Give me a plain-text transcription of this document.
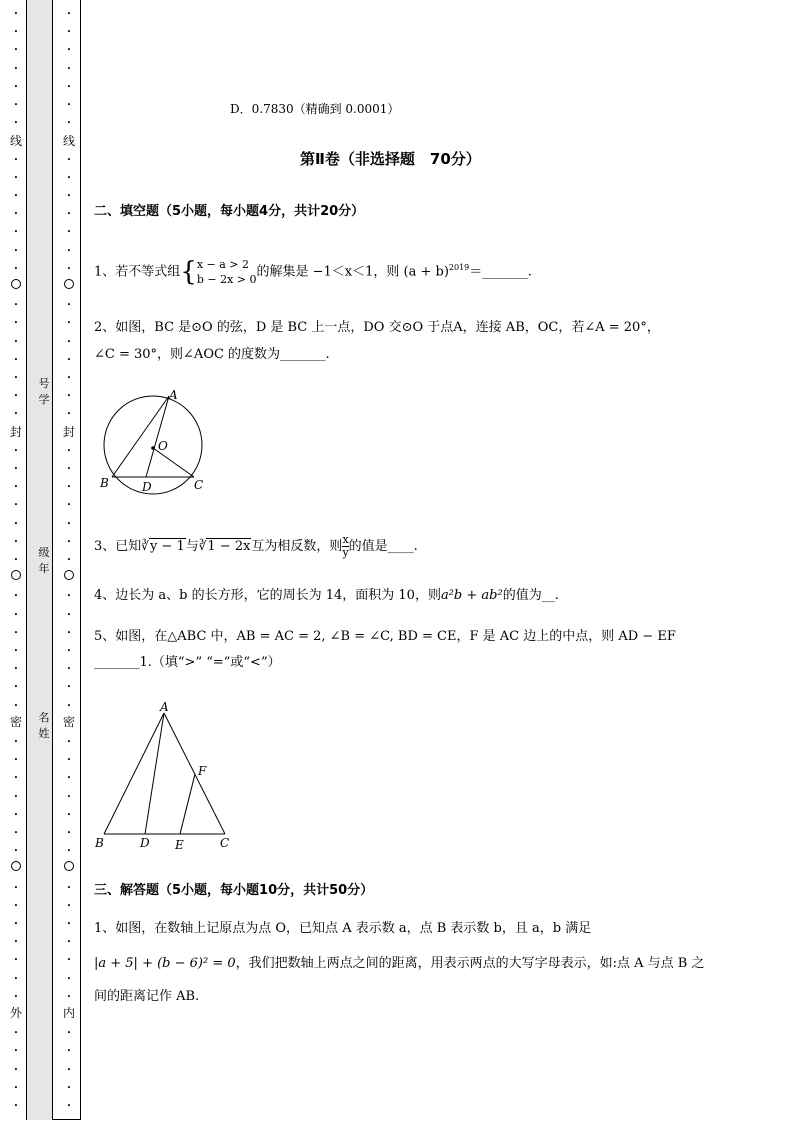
•
•
•
•
•
•
•
•
•
•
•
•
•
•
•
•
•
•
•
•
•
•
•
•
•
•
•
•
•
•
•
•
•
•
•
•
•
•
•
•
•
•
•
•
•
•
•
•
•
•
•
•
•
•
•
•
•
•
•
•
•
•
•
•
•
•
•
•
•
•
•
•
•
•
•
•
•
•
•
•
•
•
•
•
•
•
•
•
•
•
•
•
•
•
•
•
•
•
•
•
•
•
•
•
•
•
•
•
线
封
密
外
线
封
密
内
号
学
级
年
名
姓
D．0.7830（精确到 0.0001）
第Ⅱ卷（非选择题　70分）
二、填空题（5小题，每小题4分，共计20分）
1、若不等式组{ x − a > 2
b − 2x > 0 的解集是 −1＜x＜1，则 $(a + b)^{2019}=\_\_\_\_\_\_\_$.
2、如图，BC 是⊙O 的弦，D 是 BC 上一点，DO 交⊙O 于点A，连接 AB，OC，若∠A = 20°，
∠C = 30°，则∠AOC 的度数为_______.
A
O
B	D	C
3、已知∛y − 1与∛1 − 2x互为相反数，则 $\frac{x}{y}$ 的值是____.
4、边长为 a、b 的长方形，它的周长为 14，面积为 10，则a²b + ab²的值为__.
5、如图，在△ABC 中，AB = AC = 2, ∠B = ∠C, BD = CE，F 是 AC 边上的中点，则 AD − EF
_______1.（填“>” “=”或“<”）
A
F
B	D E	C
三、解答题（5小题，每小题10分，共计50分）
1、如图，在数轴上记原点为点 O，已知点 A 表示数 a，点 B 表示数 b，且 a，b 满足
|a + 5| + (b − 6)² = 0，我们把数轴上两点之间的距离，用表示两点的大写字母表示，如:点 A 与点 B 之
间的距离记作 AB.
